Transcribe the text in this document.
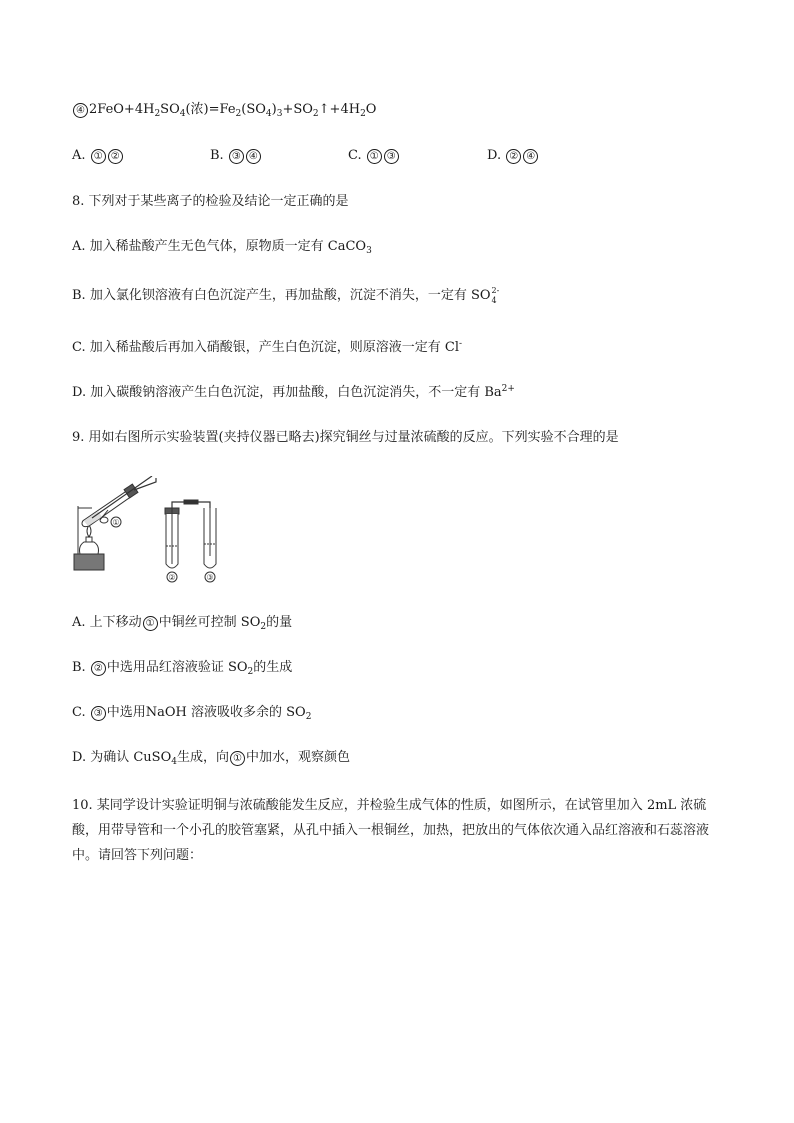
④ $2FeO+4H_2SO_4$(浓)$=Fe_2(SO_4)_3+SO_2↑+4H_2O$
A. ① ②	B. ③ ④	C. ① ③	D. ② ④
8. 下列对于某些离子的检验及结论一定正确的是
A. 加入稀盐酸产生无色气体，原物质一定有 CaCO$_3$
B. 加入氯化钡溶液有白色沉淀产生，再加盐酸，沉淀不消失，一定有 SO 2-
4
C. 加入稀盐酸后再加入硝酸银，产生白色沉淀，则原溶液一定有 Cl-
D. 加入碳酸钠溶液产生白色沉淀，再加盐酸，白色沉淀消失，不一定有 $Ba^{2+}$
9. 用如右图所示实验装置(夹持仪器已略去)探究铜丝与过量浓硫酸的反应。下列实验不合理的是
①
②	③
A. 上下移动 ① 中铜丝可控制 $SO_2$的量
B. ② 中选用品红溶液验证 $SO_2$的生成
C. ③ 中选用NaOH 溶液吸收多余的 $SO_2$
D. 为确认 CuSO$_4$生成，向 ① 中加水，观察颜色
10. 某同学设计实验证明铜与浓硫酸能发生反应，并检验生成气体的性质，如图所示，在试管里加入 2mL 浓硫酸，用带导管和一个小孔的胶管塞紧，从孔中插入一根铜丝，加热，把放出的气体依次通入品红溶液和石蕊溶液中。请回答下列问题：
